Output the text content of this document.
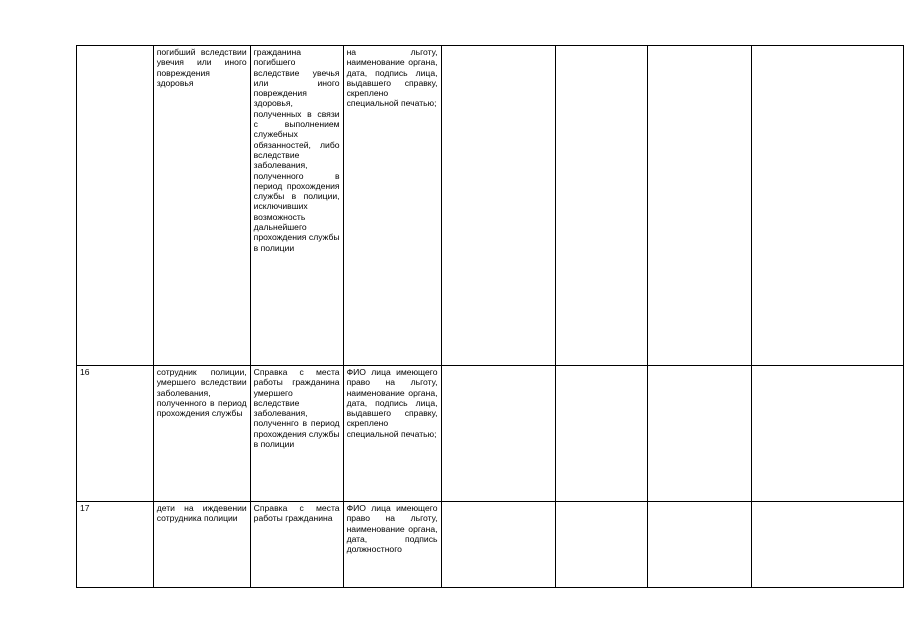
	погибший вследствии увечия или иного повреждения здоровья	гражданина погибшего вследствие увечья или иного повреждения здоровья, полученных в связи с выполнением служебных обязанностей, либо вследствие заболевания, полученного в период прохождения службы в полиции, исключивших возможность дальнейшего прохождения службы в полиции	на льготу, наименование органа, дата, подпись лица, выдавшего справку, скреплено специальной печатью;				

16	сотрудник полиции, умершего вследствии заболевания, полученного в период прохождения службы	Справка с места работы гражданина умершего вследствие заболевания, полученнго в период прохождения службы в полиции	ФИО лица имеющего право на льготу, наименование органа, дата, подпись лица, выдавшего справку, скреплено специальной печатью;				

17	дети на иждевении сотрудника полиции	Справка с места работы гражданина	ФИО лица имеющего право на льготу, наименование органа, дата, подпись должностного				
